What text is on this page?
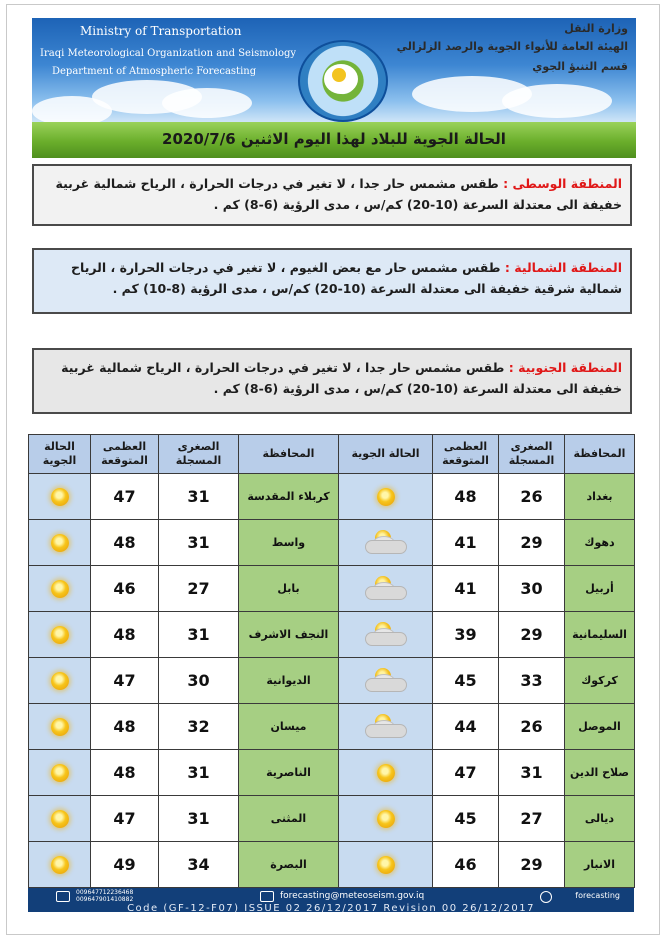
Ministry of Transportation
Iraqi Meteorological Organization and Seismology
Department of Atmospheric Forecasting
وزارة النقل
الهيئة العامة للأنواء الجوية والرصد الزلزالي
قسم التنبؤ الجوي
الحالة الجوية للبلاد لهذا اليوم الاثنين 2020/7/6
المنطقة الوسطى : طقس مشمس حار جدا ، لا تغير في درجات الحرارة ، الرياح شمالية غربية خفيفة الى معتدلة السرعة (10-20) كم/س ، مدى الرؤية (6-8) كم .
المنطقة الشمالية : طقس مشمس حار مع بعض الغيوم ، لا تغير في درجات الحرارة ، الرياح شمالية شرقية خفيفة الى معتدلة السرعة (10-20) كم/س ، مدى الرؤية (8-10) كم .
المنطقة الجنوبية : طقس مشمس حار جدا ، لا تغير في درجات الحرارة ، الرياح شمالية غربية خفيفة الى معتدلة السرعة (10-20) كم/س ، مدى الرؤية (6-8) كم .
المحافظة	الصغرى المسجلة	العظمى المتوقعة	الحالة الجوية	المحافظة	الصغرى المسجلة	العظمى المتوقعة	الحالة الجوية
بغداد	26	48		كربلاء المقدسة	31	47	
دهوك	29	41		واسط	31	48	
أربيل	30	41		بابل	27	46	
السليمانية	29	39		النجف الاشرف	31	48	
كركوك	33	45		الديوانية	30	47	
الموصل	26	44		ميسان	32	48	
صلاح الدين	31	47		الناصرية	31	48	
ديالى	27	45		المثنى	31	47	
الانبار	29	46		البصرة	34	49	
009647712236468
009647901410882	forecasting@meteoseism.gov.iq	forecasting
Code (GF-12-F07) ISSUE 02 26/12/2017 Revision 00 26/12/2017
